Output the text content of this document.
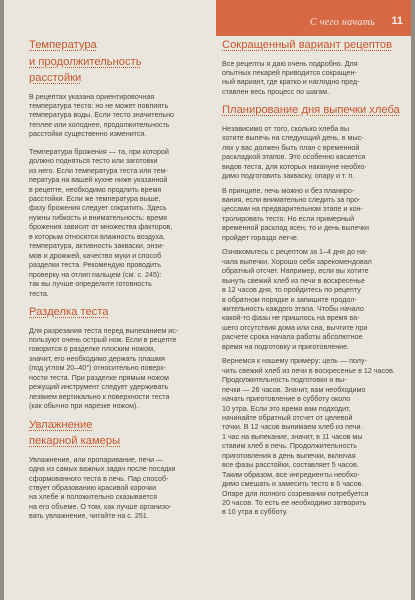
С чего начать 11
Температура
и продолжительность
расстойки

В рецептах указана ориентировочная
температура теста: но не может повлиять
температура воды. Если тесто значительно
теплее или холоднее, продолжительность
расстойки существенно изменится.

Температура брожения — та, при которой
должно подняться тесто или заготовки
из него. Если температура теста или тем-
пература на вашей кухне ниже указанной
в рецепте, необходимо продлить время
расстойки. Если же температура выше,
фазу брожения следует сократить. Здесь
нужны гибкость и внимательность: время
брожения зависит от множества факторов,
в которым относятся влажность воздуха,
температура, активность закваски, энзи-
мов и дрожжей, качество муки и способ
разделки теста. Рекомендую проводить
проверку на отлип пальцем (см. с. 245):
так вы лучше определите готовность
теста.

Разделка теста

Для разрезания теста перед выпеканием ис-
пользуют очень острый нож. Если в рецепте
говорится о разделке плоским ножом,
значит, его необходимо держать плашмя
(под углом 20–40°) относительно поверх-
ности теста. При разделке прямым ножом
режущий инструмент следует удерживать
лезвием вертикально к поверхности теста
(как обычно при нарезке ножом).

Увлажнение
пекарной камеры

Увлажнение, или пропаривание, печи —
одна из самых важных задач после посадки
сформованного теста в печь. Пар способ-
ствует образованию красивой корочки
на хлебе и положительно сказывается
на его объеме. О том, как лучше организо-
вать увлажнение, читайте на с. 251.

Сокращенный вариант рецептов

Все рецепты я даю очень подробно. Для
опытных пекарей приводится сокращен-
ный вариант, где кратко и наглядно пред-
ставлен весь процесс по шагам.

Планирование дня выпечки хлеба

Независимо от того, сколько хлеба вы
хотите выпечь на следующий день, в мыс-
лях у вас должен быть план с временной
раскладкой этапов. Это особенно касается
видов теста, для которых накануне необхо-
димо подготовить закваску, опару и т. п.

В принципе, печь можно и без планиро-
вания, если внимательно следить за про-
цессами на предварительном этапе и кон-
тролировать тесто. Но если примерный
временной расклад ясен, то и день выпечки
пройдет гораздо легче.

Ознакомьтесь с рецептом за 1–4 дня до на-
чала выпечки. Хорошо себя зарекомендовал
обратный отсчет. Например, если вы хотите
вынуть свежий хлеб из печи в воскресенье
в 12 часов дня, то пройдитесь по рецепту
в обратном порядке и запишите продол-
жительность каждого этапа. Чтобы начало
какой-то фазы не пришлось на время ва-
шего отсутствия дома или сна, вычтите при
расчете срока начала работы абсолютное
время на подготовку и приготовление.

Вернемся к нашему примеру: цель — полу-
чить свежий хлеб из печи в воскресенье в 12 часов.
Продолжительность подготовки и вы-
печки — 26 часов. Значит, вам необходимо
начать приготовление в субботу около
10 утра. Если это время вам подходит,
начинайте обратный отсчет от целевой
точки. В 12 часов вынимаем хлеб из печи.
1 час на выпекание, значит, в 11 часов мы
ставим хлеб в печь. Продолжительность
приготовления в день выпечки, включая
все фазы расстойки, составляет 5 часов.
Таким образом, все ингредиенты необхо-
димо смешать и замесить тесто в 6 часов.
Опаре для полного созревания потребуется
20 часов. То есть ее необходимо затворить
в 10 утра в субботу.
